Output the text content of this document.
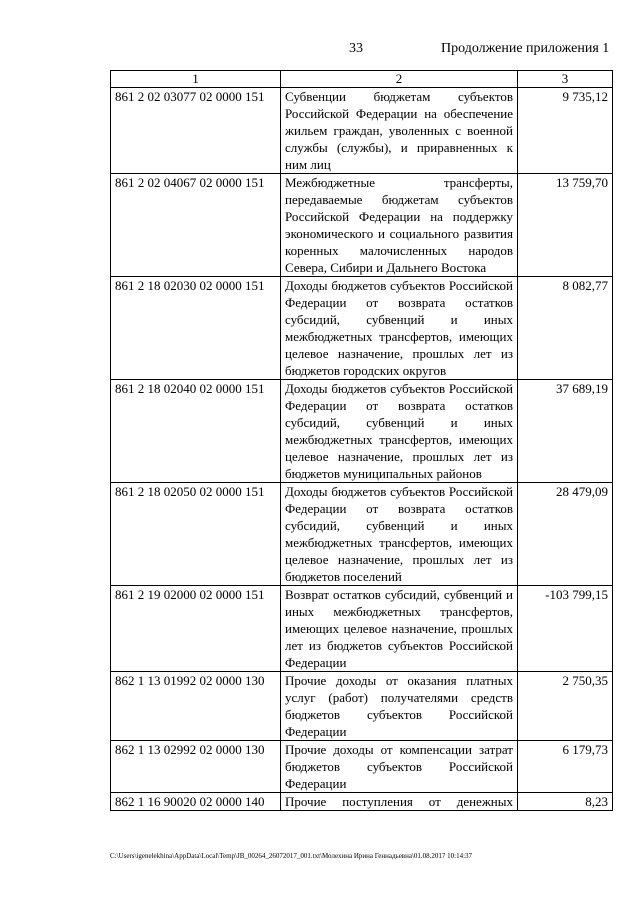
33	Продолжение приложения 1
1	2	3
861 2 02 03077 02 0000 151	Субвенции бюджетам субъектов Российской Федерации на обеспечение жильем граждан, уволенных с военной службы (службы), и приравненных к ним лиц	9 735,12
861 2 02 04067 02 0000 151	Межбюджетные трансферты, передаваемые бюджетам субъектов Российской Федерации на поддержку экономического и социального развития коренных малочисленных народов Севера, Сибири и Дальнего Востока	13 759,70
861 2 18 02030 02 0000 151	Доходы бюджетов субъектов Российской Федерации от возврата остатков субсидий, субвенций и иных межбюджетных трансфертов, имеющих целевое назначение, прошлых лет из бюджетов городских округов	8 082,77
861 2 18 02040 02 0000 151	Доходы бюджетов субъектов Российской Федерации от возврата остатков субсидий, субвенций и иных межбюджетных трансфертов, имеющих целевое назначение, прошлых лет из бюджетов муниципальных районов	37 689,19
861 2 18 02050 02 0000 151	Доходы бюджетов субъектов Российской Федерации от возврата остатков субсидий, субвенций и иных межбюджетных трансфертов, имеющих целевое назначение, прошлых лет из бюджетов поселений	28 479,09
861 2 19 02000 02 0000 151	Возврат остатков субсидий, субвенций и иных межбюджетных трансфертов, имеющих целевое назначение, прошлых лет из бюджетов субъектов Российской Федерации	-103 799,15
862 1 13 01992 02 0000 130	Прочие доходы от оказания платных услуг (работ) получателями средств бюджетов субъектов Российской Федерации	2 750,35
862 1 13 02992 02 0000 130	Прочие доходы от компенсации затрат бюджетов субъектов Российской Федерации	6 179,73
862 1 16 90020 02 0000 140	Прочие поступления от денежных	8,23
C:\Users\igenelekhina\AppData\Local\Temp\JB_00264_26072017_001.txt\Молехина Ирина Геннадьевна\01.08.2017 10:14:37
